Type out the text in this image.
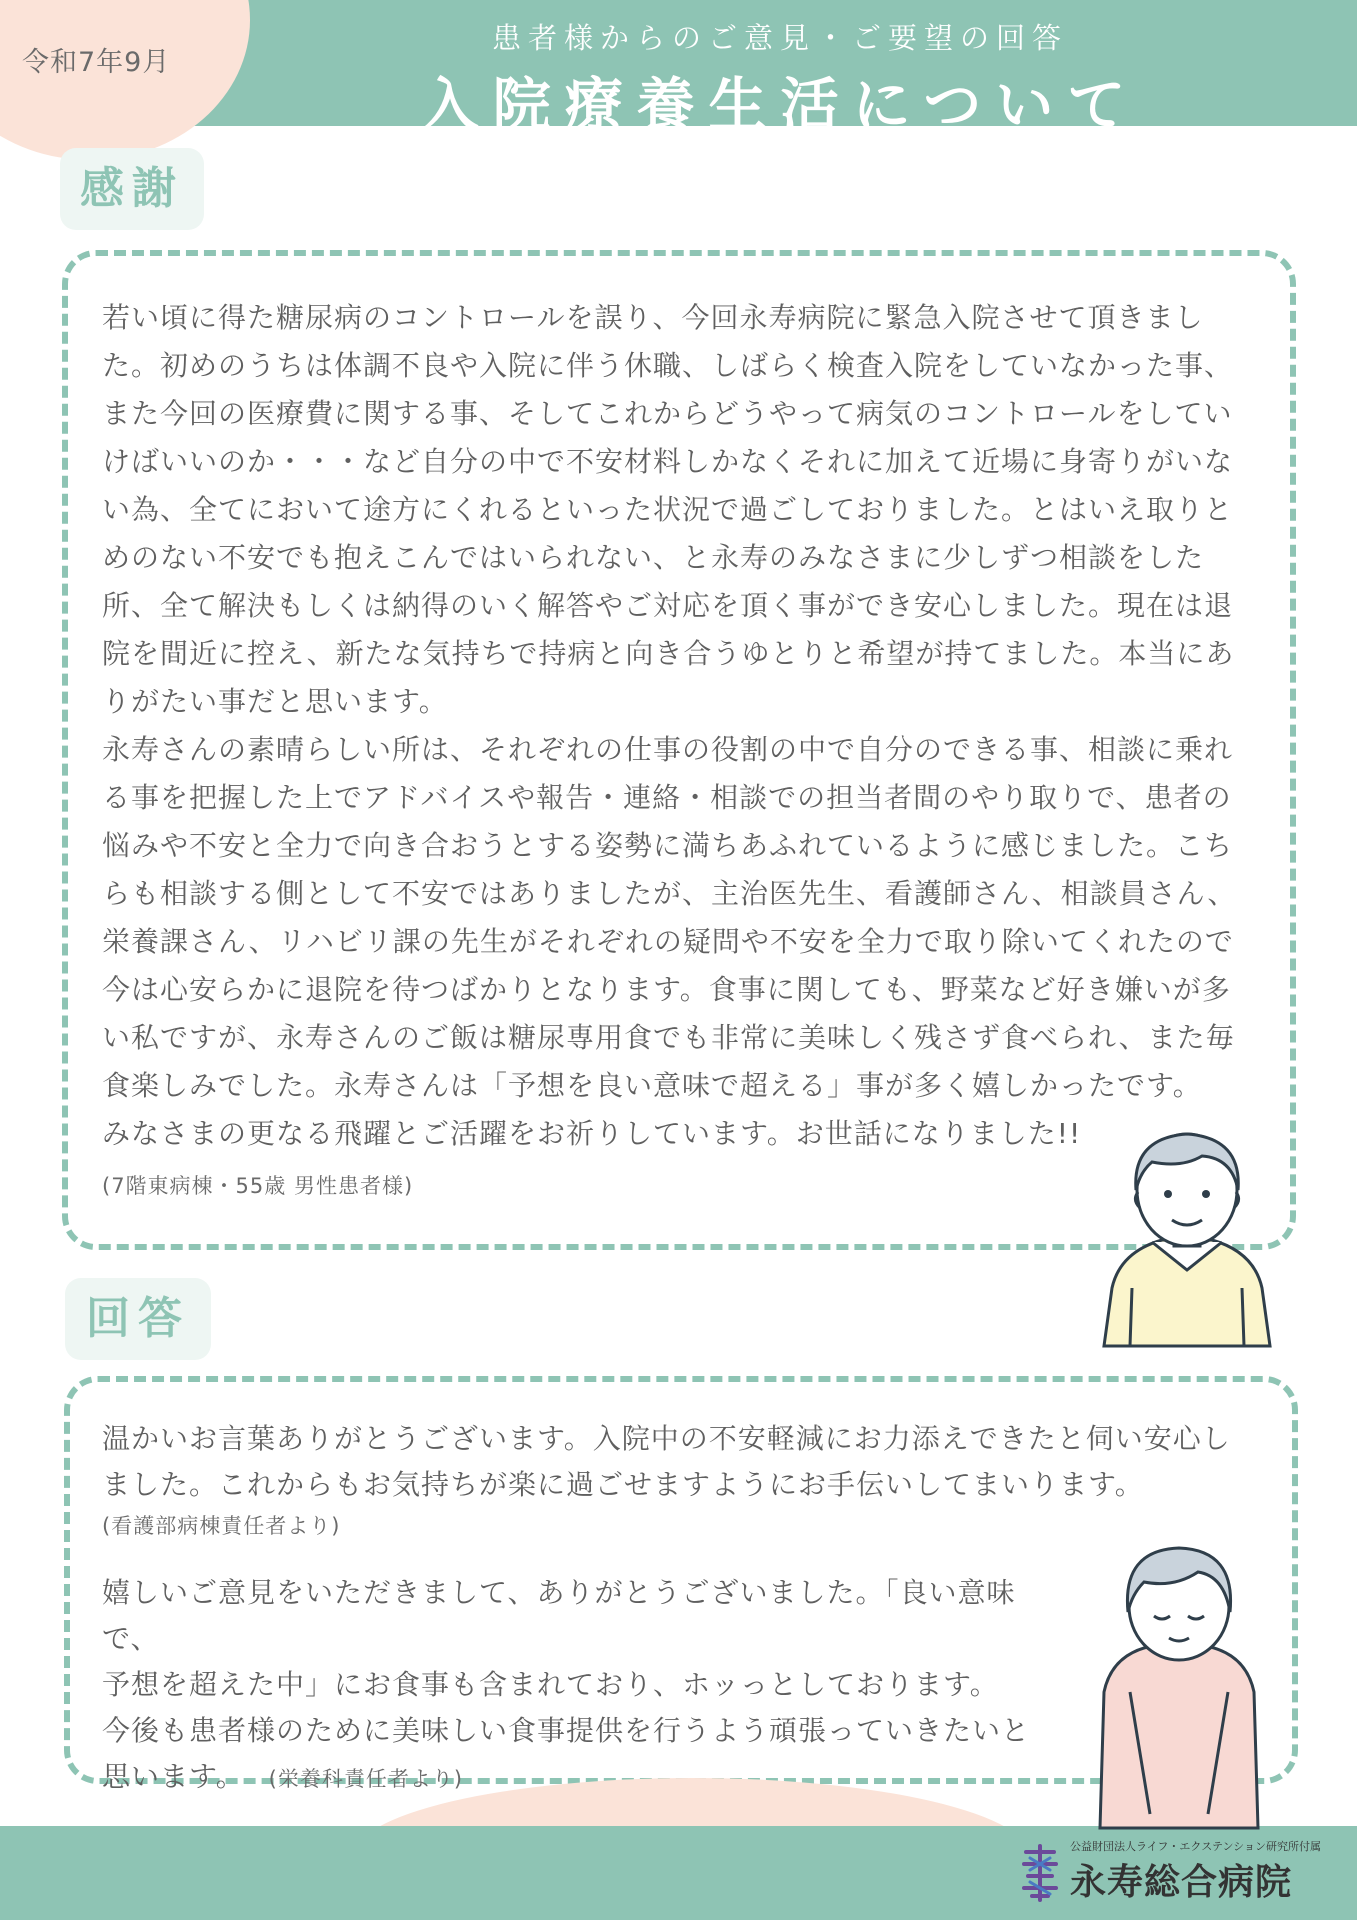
令和7年9月
患者様からのご意見・ご要望の回答
入院療養生活について
感謝
若い頃に得た糖尿病のコントロールを誤り、今回永寿病院に緊急入院させて頂きまし
た。初めのうちは体調不良や入院に伴う休職、しばらく検査入院をしていなかった事、
また今回の医療費に関する事、そしてこれからどうやって病気のコントロールをしてい
けばいいのか・・・など自分の中で不安材料しかなくそれに加えて近場に身寄りがいな
い為、全てにおいて途方にくれるといった状況で過ごしておりました。とはいえ取りと
めのない不安でも抱えこんではいられない、と永寿のみなさまに少しずつ相談をした
所、全て解決もしくは納得のいく解答やご対応を頂く事ができ安心しました。現在は退
院を間近に控え、新たな気持ちで持病と向き合うゆとりと希望が持てました。本当にあ
りがたい事だと思います。
永寿さんの素晴らしい所は、それぞれの仕事の役割の中で自分のできる事、相談に乗れ
る事を把握した上でアドバイスや報告・連絡・相談での担当者間のやり取りで、患者の
悩みや不安と全力で向き合おうとする姿勢に満ちあふれているように感じました。こち
らも相談する側として不安ではありましたが、主治医先生、看護師さん、相談員さん、
栄養課さん、リハビリ課の先生がそれぞれの疑問や不安を全力で取り除いてくれたので
今は心安らかに退院を待つばかりとなります。食事に関しても、野菜など好き嫌いが多
い私ですが、永寿さんのご飯は糖尿専用食でも非常に美味しく残さず食べられ、また毎
食楽しみでした。永寿さんは「予想を良い意味で超える」事が多く嬉しかったです。
みなさまの更なる飛躍とご活躍をお祈りしています。お世話になりました!!
(7階東病棟・55歳 男性患者様)
回答
温かいお言葉ありがとうございます。入院中の不安軽減にお力添えできたと伺い安心し
ました。これからもお気持ちが楽に過ごせますようにお手伝いしてまいります。
(看護部病棟責任者より)
嬉しいご意見をいただきまして、ありがとうございました。「良い意味で、
予想を超えた中」にお食事も含まれており、ホッっとしております。
今後も患者様のために美味しい食事提供を行うよう頑張っていきたいと
思います。 (栄養科責任者より)
公益財団法人ライフ・エクステンション研究所付属
永寿総合病院
